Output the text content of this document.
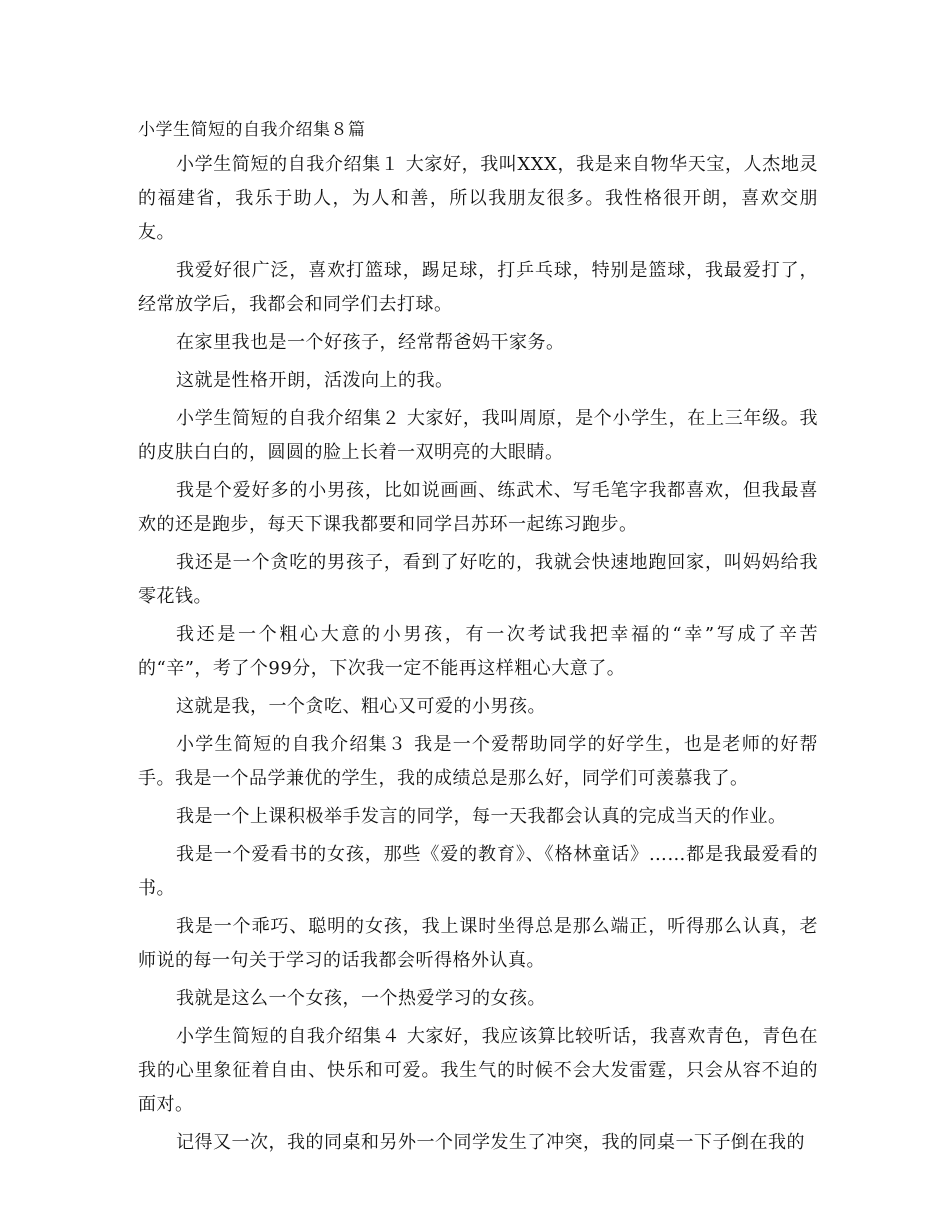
小学生简短的自我介绍集８篇

小学生简短的自我介绍集１ 大家好，我叫XXX，我是来自物华天宝，人杰地灵的福建省，我乐于助人，为人和善，所以我朋友很多。我性格很开朗，喜欢交朋友。

我爱好很广泛，喜欢打篮球，踢足球，打乒乓球，特别是篮球，我最爱打了，经常放学后，我都会和同学们去打球。

在家里我也是一个好孩子，经常帮爸妈干家务。

这就是性格开朗，活泼向上的我。

小学生简短的自我介绍集２ 大家好，我叫周原，是个小学生，在上三年级。我的皮肤白白的，圆圆的脸上长着一双明亮的大眼睛。

我是个爱好多的小男孩，比如说画画、练武术、写毛笔字我都喜欢，但我最喜欢的还是跑步，每天下课我都要和同学吕苏环一起练习跑步。

我还是一个贪吃的男孩子，看到了好吃的，我就会快速地跑回家，叫妈妈给我零花钱。

我还是一个粗心大意的小男孩，有一次考试我把幸福的“幸”写成了辛苦的“辛”，考了个99分，下次我一定不能再这样粗心大意了。

这就是我，一个贪吃、粗心又可爱的小男孩。

小学生简短的自我介绍集３ 我是一个爱帮助同学的好学生，也是老师的好帮手。我是一个品学兼优的学生，我的成绩总是那么好，同学们可羡慕我了。

我是一个上课积极举手发言的同学，每一天我都会认真的完成当天的作业。

我是一个爱看书的女孩，那些《爱的教育》、《格林童话》……都是我最爱看的书。

我是一个乖巧、聪明的女孩，我上课时坐得总是那么端正，听得那么认真，老师说的每一句关于学习的话我都会听得格外认真。

我就是这么一个女孩，一个热爱学习的女孩。

小学生简短的自我介绍集４ 大家好，我应该算比较听话，我喜欢青色，青色在我的心里象征着自由、快乐和可爱。我生气的时候不会大发雷霆，只会从容不迫的面对。

记得又一次，我的同桌和另外一个同学发生了冲突，我的同桌一下子倒在我的
